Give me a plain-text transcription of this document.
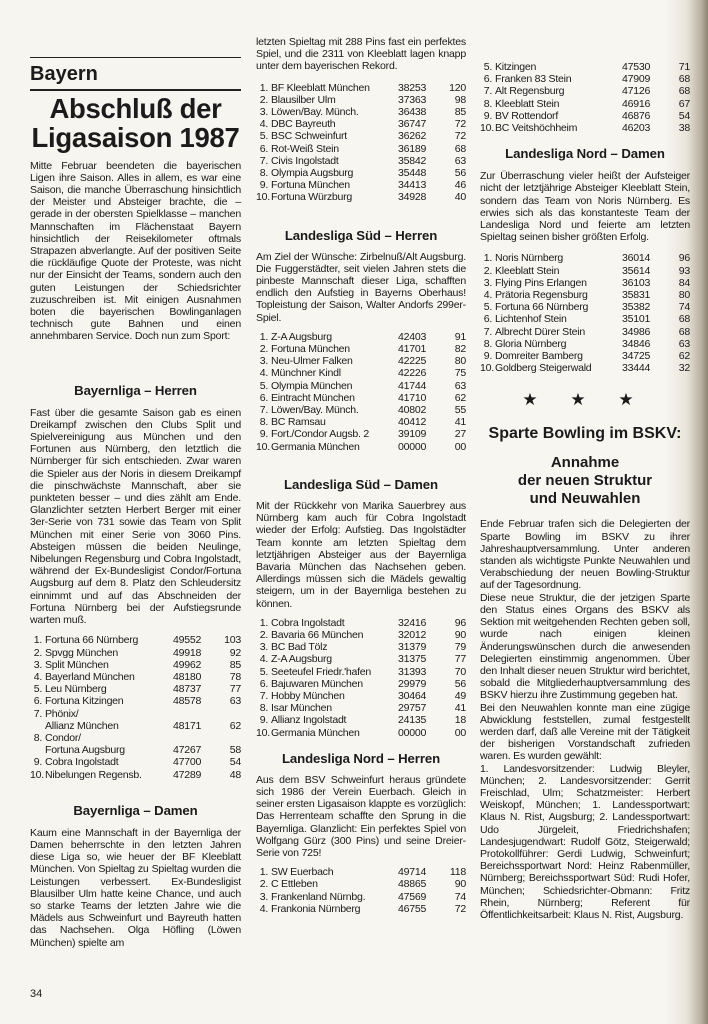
Bayern
Abschluß der
Ligasaison 1987

Mitte Februar beendeten die bayerischen Ligen ihre Saison. Alles in allem, es war eine Saison, die manche Überraschung hinsichtlich der Meister und Absteiger brachte, die – gerade in der obersten Spielklasse – manchen Mannschaften im Flächenstaat Bayern hinsichtlich der Reisekilometer oftmals Strapazen abverlangte. Auf der positiven Seite die rückläufige Quote der Proteste, was nicht nur der Einsicht der Teams, sondern auch den guten Leistungen der Schiedsrichter zuzuschreiben ist. Mit einigen Ausnahmen boten die bayerischen Bowlinganlagen technisch gute Bahnen und einen annehmbaren Service. Doch nun zum Sport:

Bayernliga – Herren

Fast über die gesamte Saison gab es einen Dreikampf zwischen den Clubs Split und Spielvereinigung aus München und den Fortunen aus Nürnberg, den letztlich die Nürnberger für sich entschieden. Zwar waren die Spieler aus der Noris in diesem Dreikampf die pinschwächste Mannschaft, aber sie punkteten besser – und dies zählt am Ende. Glanzlichter setzten Herbert Berger mit einer 3er-Serie von 731 sowie das Team von Split München mit einer Serie von 3060 Pins. Absteigen müssen die beiden Neulinge, Nibelungen Regensburg und Cobra Ingolstadt, während der Ex-Bundesligist Condor/Fortuna Augsburg auf dem 8. Platz den Schleudersitz einnimmt und auf das Abschneiden der Fortuna Nürnberg bei der Aufstiegsrunde warten muß.

1. Fortuna 66 Nürnberg	49552	103
2. Spvgg München	49918	92
3. Split München	49962	85
4. Bayerland München	48180	78
5. Leu Nürnberg	48737	77
6. Fortuna Kitzingen	48578	63
7. Phönix/
Allianz München	48171	62
8. Condor/
Fortuna Augsburg	47267	58
9. Cobra Ingolstadt	47700	54
10. Nibelungen Regensb.	47289	48
Bayernliga – Damen

Kaum eine Mannschaft in der Bayernliga der Damen beherrschte in den letzten Jahren diese Liga so, wie heuer der BF Kleeblatt München. Von Spieltag zu Spieltag wurden die Leistungen verbessert. Ex-Bundesligist Blausilber Ulm hatte keine Chance, und auch so starke Teams der letzten Jahre wie die Mädels aus Schweinfurt und Bayreuth hatten das Nachsehen. Olga Höfling (Löwen München) spielte am

34

letzten Spieltag mit 288 Pins fast ein perfektes Spiel, und die 2311 von Kleeblatt lagen knapp unter dem bayerischen Rekord.

1. BF Kleeblatt München	38253	120
2. Blausilber Ulm	37363	98
3. Löwen/Bay. Münch.	36438	85
4. DBC Bayreuth	36747	72
5. BSC Schweinfurt	36262	72
6. Rot-Weiß Stein	36189	68
7. Civis Ingolstadt	35842	63
8. Olympia Augsburg	35448	56
9. Fortuna München	34413	46
10. Fortuna Würzburg	34928	40
Landesliga Süd – Herren

Am Ziel der Wünsche: Zirbelnuß/Alt Augsburg. Die Fuggerstädter, seit vielen Jahren stets die pinbeste Mannschaft dieser Liga, schafften endlich den Aufstieg in Bayerns Oberhaus! Topleistung der Saison, Walter Andorfs 299er-Spiel.

1. Z-A Augsburg	42403	91
2. Fortuna München	41701	82
3. Neu-Ulmer Falken	42225	80
4. Münchner Kindl	42226	75
5. Olympia München	41744	63
6. Eintracht München	41710	62
7. Löwen/Bay. Münch.	40802	55
8. BC Ramsau	40412	41
9. Fort./Condor Augsb. 2	39109	27
10. Germania München	00000	00
Landesliga Süd – Damen

Mit der Rückkehr von Marika Sauerbrey aus Nürnberg kam auch für Cobra Ingolstadt wieder der Erfolg: Aufstieg. Das Ingolstädter Team konnte am letzten Spieltag dem letztjährigen Absteiger aus der Bayernliga Bavaria München das Nachsehen geben. Allerdings müssen sich die Mädels gewaltig steigern, um in der Bayernliga bestehen zu können.

1. Cobra Ingolstadt	32416	96
2. Bavaria 66 München	32012	90
3. BC Bad Tölz	31379	79
4. Z-A Augsburg	31375	77
5. Seeteufel Friedr.'hafen	31393	70
6. Bajuwaren München	29979	56
7. Hobby München	30464	49
8. Isar München	29757	41
9. Allianz Ingolstadt	24135	18
10. Germania München	00000	00
Landesliga Nord – Herren

Aus dem BSV Schweinfurt heraus gründete sich 1986 der Verein Euerbach. Gleich in seiner ersten Ligasaison klappte es vorzüglich: Das Herrenteam schaffte den Sprung in die Bayernliga. Glanzlicht: Ein perfektes Spiel von Wolfgang Gürz (300 Pins) und seine Dreier-Serie von 725!

1. SW Euerbach	49714	118
2. C Ettleben	48865	90
3. Frankenland Nürnbg.	47569	74
4. Frankonia Nürnberg	46755	72
5. Kitzingen	47530	71
6. Franken 83 Stein	47909	68
7. Alt Regensburg	47126	68
8. Kleeblatt Stein	46916	67
9. BV Rottendorf	46876	54
10. BC Veitshöchheim	46203	38
Landesliga Nord – Damen

Zur Überraschung vieler heißt der Aufsteiger nicht der letztjährige Absteiger Kleeblatt Stein, sondern das Team von Noris Nürnberg. Es erwies sich als das konstanteste Team der Landesliga Nord und feierte am letzten Spieltag seinen bisher größten Erfolg.

1. Noris Nürnberg	36014	96
2. Kleeblatt Stein	35614	93
3. Flying Pins Erlangen	36103	84
4. Prätoria Regensburg	35831	80
5. Fortuna 66 Nürnberg	35382	74
6. Lichtenhof Stein	35101	68
7. Albrecht Dürer Stein	34986	68
8. Gloria Nürnberg	34846	63
9. Domreiter Bamberg	34725	62
10. Goldberg Steigerwald	33444	32
★ ★ ★
Sparte Bowling im BSKV:
Annahme
der neuen Struktur
und Neuwahlen

Ende Februar trafen sich die Delegierten der Sparte Bowling im BSKV zu ihrer Jahreshauptversammlung. Unter anderen standen als wichtigste Punkte Neuwahlen und Verabschiedung der neuen Bowling-Struktur auf der Tagesordnung.

Diese neue Struktur, die der jetzigen Sparte den Status eines Organs des BSKV als Sektion mit weitgehenden Rechten geben soll, wurde nach einigen kleinen Änderungswünschen durch die anwesenden Delegierten einstimmig angenommen. Über den Inhalt dieser neuen Struktur wird berichtet, sobald die Mitgliederhauptversammlung des BSKV hierzu ihre Zustimmung gegeben hat.

Bei den Neuwahlen konnte man eine zügige Abwicklung feststellen, zumal festgestellt werden darf, daß alle Vereine mit der Tätigkeit der bisherigen Vorstandschaft zufrieden waren. Es wurden gewählt:

1. Landesvorsitzender: Ludwig Bleyler, München; 2. Landesvorsitzender: Gerrit Freischlad, Ulm; Schatzmeister: Herbert Weiskopf, München; 1. Landessportwart: Klaus N. Rist, Augsburg; 2. Landessportwart: Udo Jürgeleit, Friedrichshafen; Landesjugendwart: Rudolf Götz, Steigerwald; Protokollführer: Gerdi Ludwig, Schweinfurt; Bereichssportwart Nord: Heinz Rabenmüller, Nürnberg; Bereichssportwart Süd: Rudi Hofer, München; Schiedsrichter-Obmann: Fritz Rhein, Nürnberg; Referent für Öffentlichkeitsarbeit: Klaus N. Rist, Augsburg.
